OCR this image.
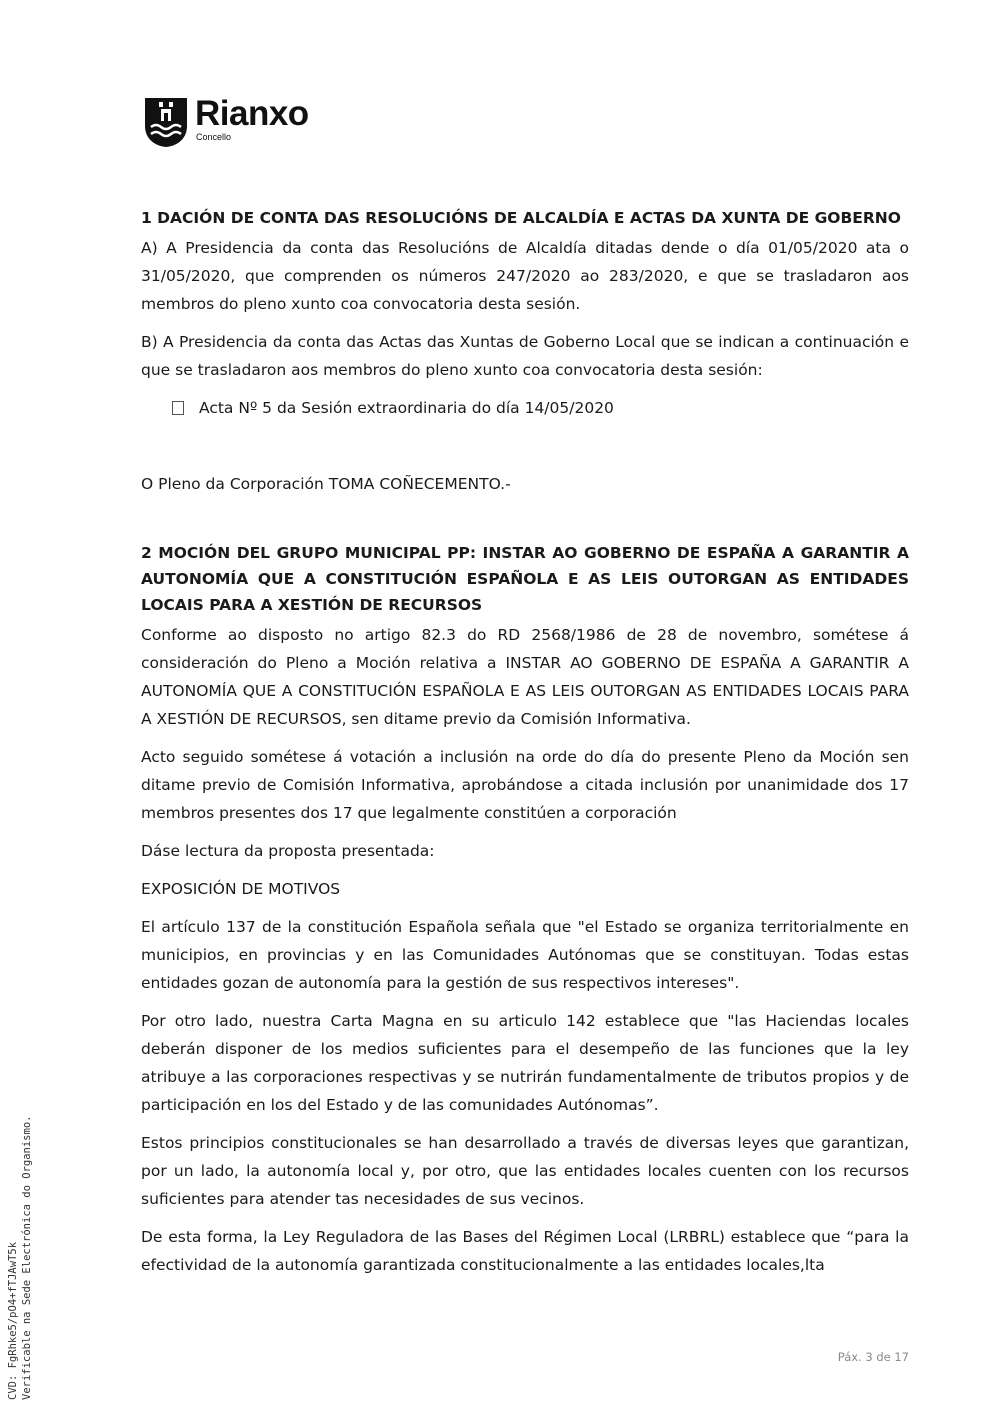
Rianxo
Concello
1 DACIÓN DE CONTA DAS RESOLUCIÓNS DE ALCALDÍA E ACTAS DA XUNTA DE GOBERNO

A) A Presidencia da conta das Resolucións de Alcaldía ditadas dende o día 01/05/2020 ata o 31/05/2020, que comprenden os números 247/2020 ao 283/2020, e que se trasladaron aos membros do pleno xunto coa convocatoria desta sesión.

B) A Presidencia da conta das Actas das Xuntas de Goberno Local que se indican a continuación e que se trasladaron aos membros do pleno xunto coa convocatoria desta sesión:

Acta Nº 5 da Sesión extraordinaria do día 14/05/2020

O Pleno da Corporación TOMA COÑECEMENTO.-

2 MOCIÓN DEL GRUPO MUNICIPAL PP: INSTAR AO GOBERNO DE ESPAÑA A GARANTIR A AUTONOMÍA QUE A CONSTITUCIÓN ESPAÑOLA E AS LEIS OUTORGAN AS ENTIDADES LOCAIS PARA A XESTIÓN DE RECURSOS

Conforme ao disposto no artigo 82.3 do RD 2568/1986 de 28 de novembro, sométese á consideración do Pleno a Moción relativa a INSTAR AO GOBERNO DE ESPAÑA A GARANTIR A AUTONOMÍA QUE A CONSTITUCIÓN ESPAÑOLA E AS LEIS OUTORGAN AS ENTIDADES LOCAIS PARA A XESTIÓN DE RECURSOS, sen ditame previo da Comisión Informativa.

Acto seguido sométese á votación a inclusión na orde do día do presente Pleno da Moción sen ditame previo de Comisión Informativa, aprobándose a citada inclusión por unanimidade dos 17 membros presentes dos 17 que legalmente constitúen a corporación

Dáse lectura da proposta presentada:

EXPOSICIÓN DE MOTIVOS

El artículo 137 de la constitución Española señala que "el Estado se organiza territorialmente en municipios, en provincias y en las Comunidades Autónomas que se constituyan. Todas estas entidades gozan de autonomía para la gestión de sus respectivos intereses".

Por otro lado, nuestra Carta Magna en su articulo 142 establece que "las Haciendas locales deberán disponer de los medios suficientes para el desempeño de las funciones que la ley atribuye a las corporaciones respectivas y se nutrirán fundamentalmente de tributos propios y de participación en los del Estado y de las comunidades Autónomas”.

Estos principios constitucionales se han desarrollado a través de diversas leyes que garantizan, por un lado, la autonomía local y, por otro, que las entidades locales cuenten con los recursos suficientes para atender tas necesidades de sus vecinos.

De esta forma, la Ley Reguladora de las Bases del Régimen Local (LRBRL) establece que “para la efectividad de la autonomía garantizada constitucionalmente a las entidades locales,lta

Páx. 3 de 17
CVD: FgRhke5/pO4+fTJAwT5k Verificable na Sede Electrónica do Organismo.
